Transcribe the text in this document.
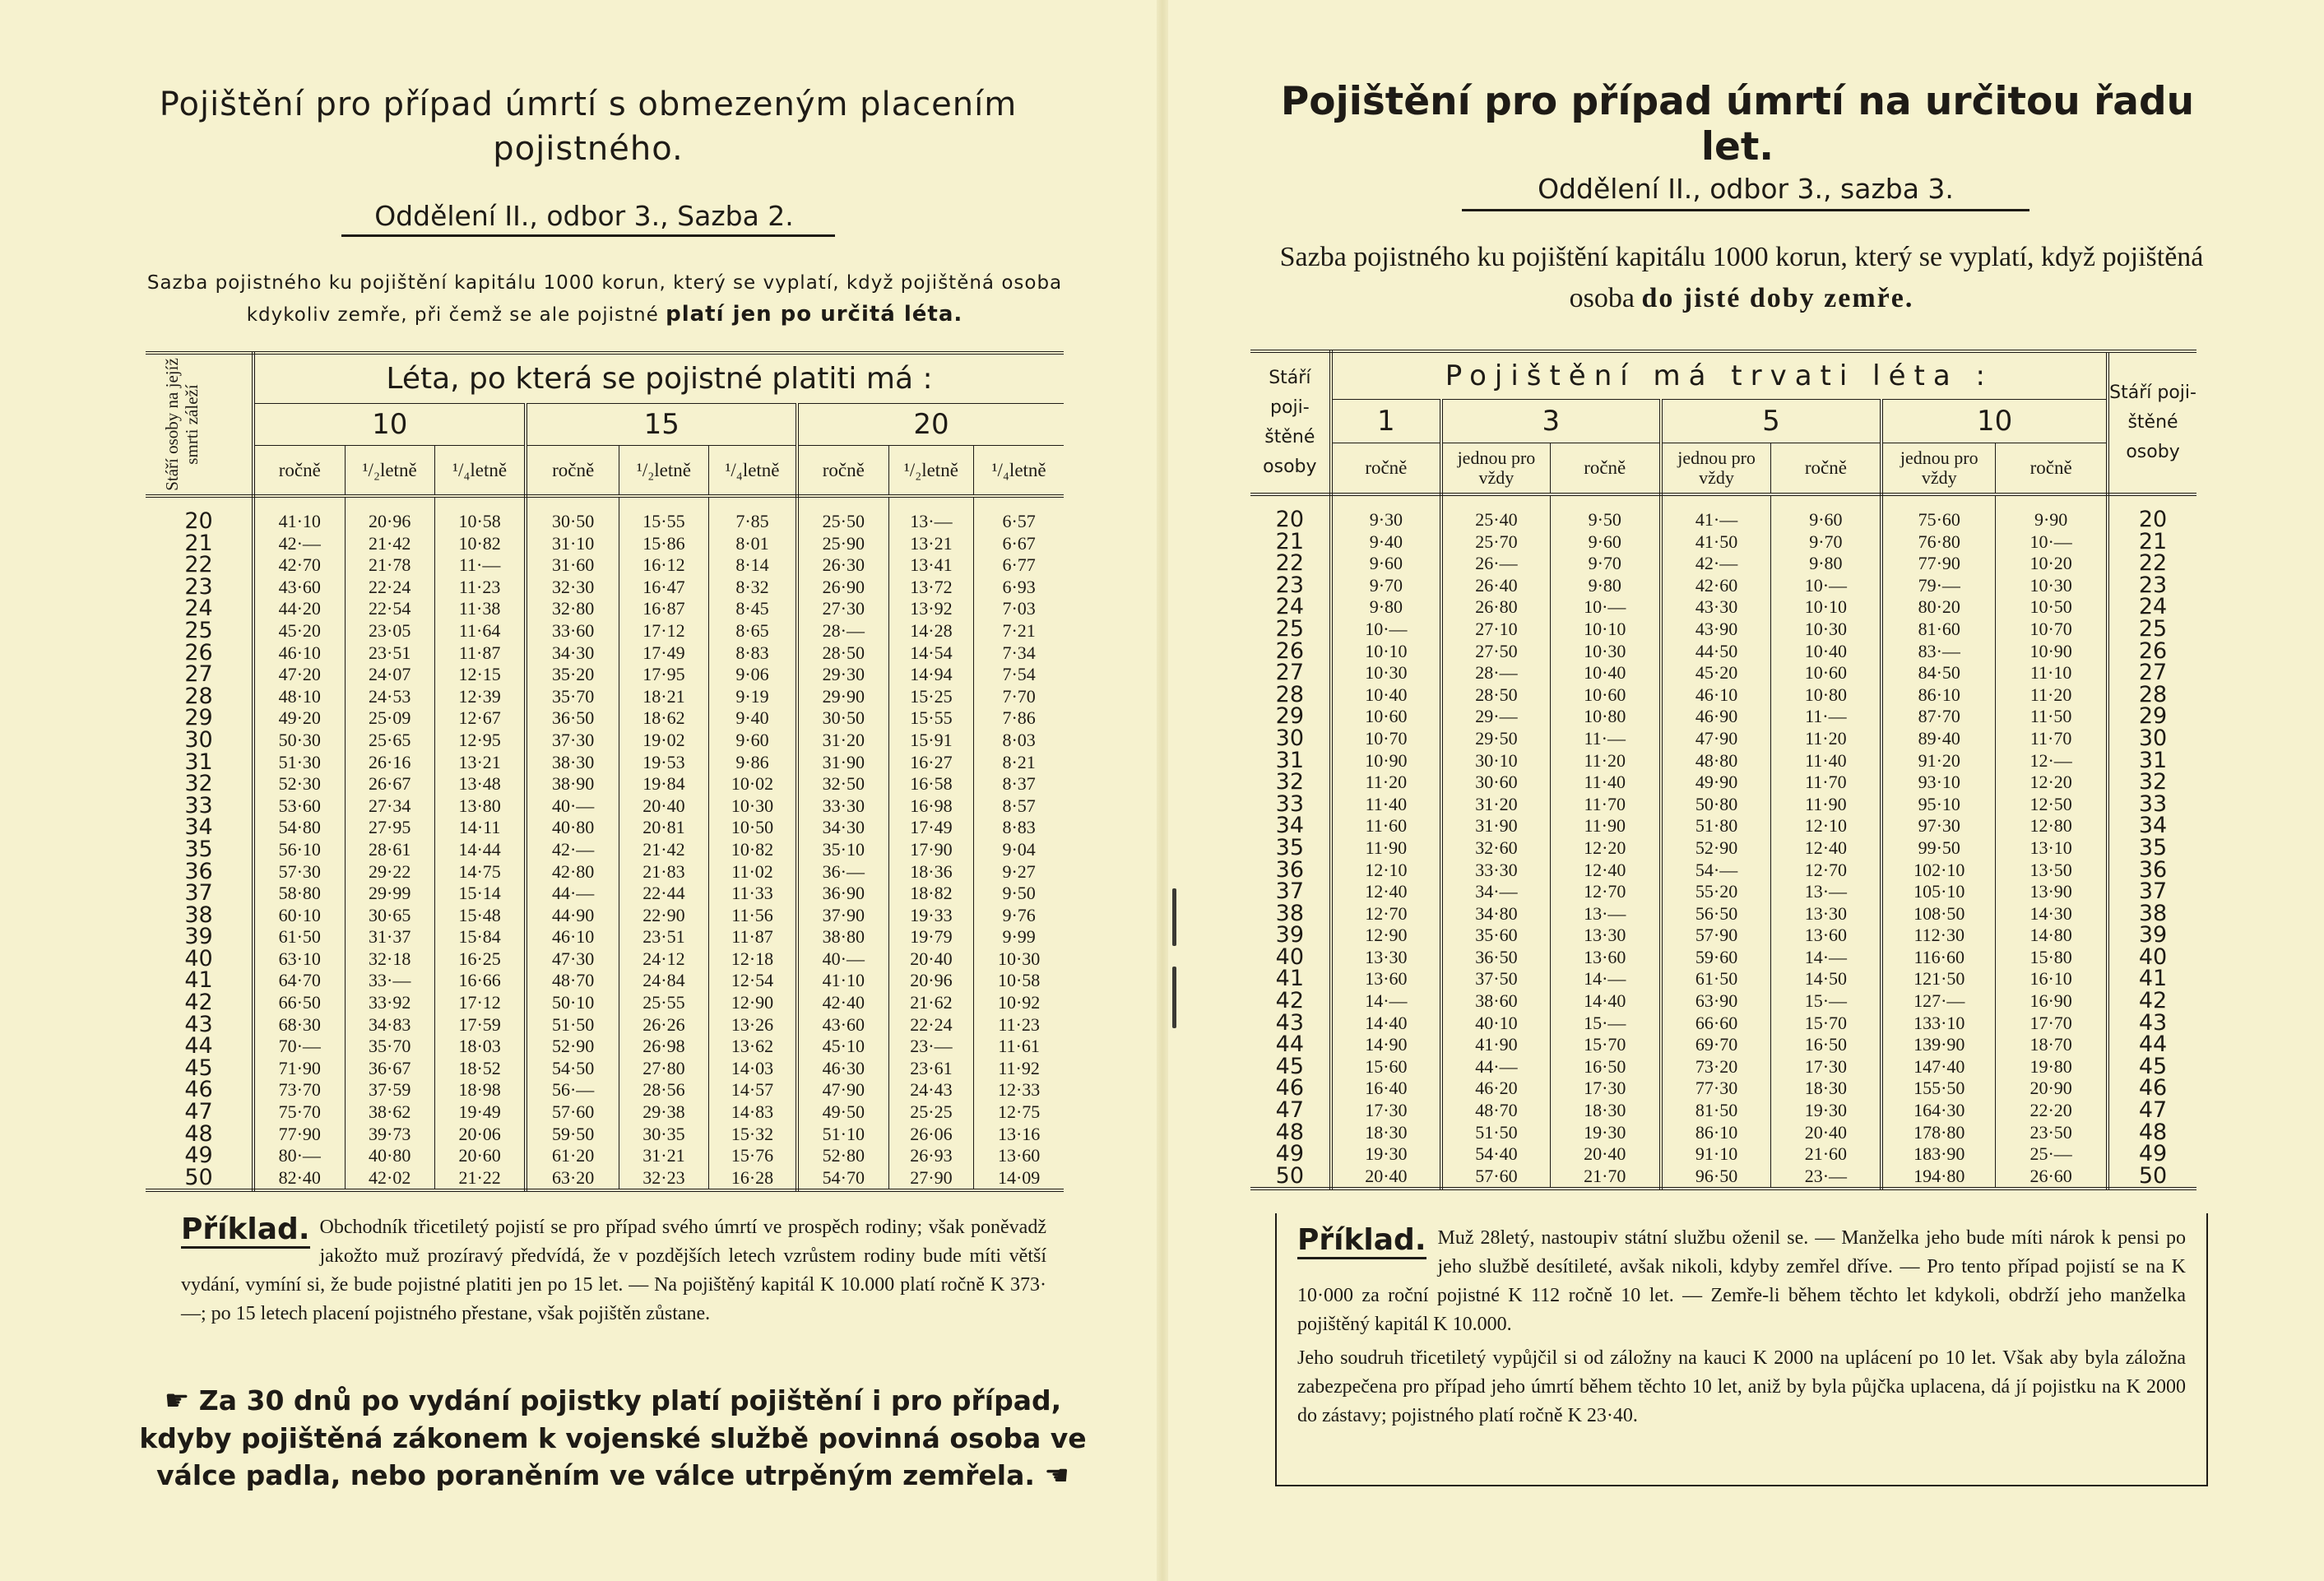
Pojištění pro případ úmrtí s obmezeným placením pojistného.
Oddělení II., odbor 3., Sazba 2.
Sazba pojistného ku pojištění kapitálu 1000 korun, který se vyplatí, když pojištěná osoba kdykoliv zemře, při čemž se ale pojistné platí jen po určitá léta.
Stáří osoby na jejíž smrti záleží	Léta, po která se pojistné platiti má :								
	10			15			20		
	ročně	¹/₂letně	¹/₄letně	ročně	¹/₂letně	¹/₄letně	ročně	¹/₂letně	¹/₄letně

20	41·10	20·96	10·58	30·50	15·55	7·85	25·50	13·—	6·57
21	42·—	21·42	10·82	31·10	15·86	8·01	25·90	13·21	6·67
22	42·70	21·78	11·—	31·60	16·12	8·14	26·30	13·41	6·77
23	43·60	22·24	11·23	32·30	16·47	8·32	26·90	13·72	6·93
24	44·20	22·54	11·38	32·80	16·87	8·45	27·30	13·92	7·03
25	45·20	23·05	11·64	33·60	17·12	8·65	28·—	14·28	7·21
26	46·10	23·51	11·87	34·30	17·49	8·83	28·50	14·54	7·34
27	47·20	24·07	12·15	35·20	17·95	9·06	29·30	14·94	7·54
28	48·10	24·53	12·39	35·70	18·21	9·19	29·90	15·25	7·70
29	49·20	25·09	12·67	36·50	18·62	9·40	30·50	15·55	7·86
30	50·30	25·65	12·95	37·30	19·02	9·60	31·20	15·91	8·03
31	51·30	26·16	13·21	38·30	19·53	9·86	31·90	16·27	8·21
32	52·30	26·67	13·48	38·90	19·84	10·02	32·50	16·58	8·37
33	53·60	27·34	13·80	40·—	20·40	10·30	33·30	16·98	8·57
34	54·80	27·95	14·11	40·80	20·81	10·50	34·30	17·49	8·83
35	56·10	28·61	14·44	42·—	21·42	10·82	35·10	17·90	9·04
36	57·30	29·22	14·75	42·80	21·83	11·02	36·—	18·36	9·27
37	58·80	29·99	15·14	44·—	22·44	11·33	36·90	18·82	9·50
38	60·10	30·65	15·48	44·90	22·90	11·56	37·90	19·33	9·76
39	61·50	31·37	15·84	46·10	23·51	11·87	38·80	19·79	9·99
40	63·10	32·18	16·25	47·30	24·12	12·18	40·—	20·40	10·30
41	64·70	33·—	16·66	48·70	24·84	12·54	41·10	20·96	10·58
42	66·50	33·92	17·12	50·10	25·55	12·90	42·40	21·62	10·92
43	68·30	34·83	17·59	51·50	26·26	13·26	43·60	22·24	11·23
44	70·—	35·70	18·03	52·90	26·98	13·62	45·10	23·—	11·61
45	71·90	36·67	18·52	54·50	27·80	14·03	46·30	23·61	11·92
46	73·70	37·59	18·98	56·—	28·56	14·57	47·90	24·43	12·33
47	75·70	38·62	19·49	57·60	29·38	14·83	49·50	25·25	12·75
48	77·90	39·73	20·06	59·50	30·35	15·32	51·10	26·06	13·16
49	80·—	40·80	20·60	61·20	31·21	15·76	52·80	26·93	13·60
50	82·40	42·02	21·22	63·20	32·23	16·28	54·70	27·90	14·09
Příklad. Obchodník třicetiletý pojistí se pro případ svého úmrtí ve prospěch rodiny; však poněvadž jakožto muž prozíravý předvídá, že v pozdějších letech vzrůstem rodiny bude míti větší vydání, vymíní si, že bude pojistné platiti jen po 15 let. — Na pojištěný kapitál K 10.000 platí ročně K 373·—; po 15 letech placení pojistného přestane, však pojištěn zůstane.
☛ Za 30 dnů po vydání pojistky platí pojištění i pro případ, kdyby pojištěná zákonem k vojenské službě povinná osoba ve válce padla, nebo poraněním ve válce utrpěným zemřela. ☚
Pojištění pro případ úmrtí na určitou řadu let.
Oddělení II., odbor 3., sazba 3.
Sazba pojistného ku pojištění kapitálu 1000 korun, který se vyplatí, když pojištěná osoba do jisté doby zemře.
Stáří poji- štěné osoby	Pojištění má trvati léta :							Stáří poji- štěné osoby
	1	3		5		10		
	ročně	jednou pro vždy	ročně	jednou pro vždy	ročně	jednou pro vždy	ročně	

20	9·30	25·40	9·50	41·—	9·60	75·60	9·90	20
21	9·40	25·70	9·60	41·50	9·70	76·80	10·—	21
22	9·60	26·—	9·70	42·—	9·80	77·90	10·20	22
23	9·70	26·40	9·80	42·60	10·—	79·—	10·30	23
24	9·80	26·80	10·—	43·30	10·10	80·20	10·50	24
25	10·—	27·10	10·10	43·90	10·30	81·60	10·70	25
26	10·10	27·50	10·30	44·50	10·40	83·—	10·90	26
27	10·30	28·—	10·40	45·20	10·60	84·50	11·10	27
28	10·40	28·50	10·60	46·10	10·80	86·10	11·20	28
29	10·60	29·—	10·80	46·90	11·—	87·70	11·50	29
30	10·70	29·50	11·—	47·90	11·20	89·40	11·70	30
31	10·90	30·10	11·20	48·80	11·40	91·20	12·—	31
32	11·20	30·60	11·40	49·90	11·70	93·10	12·20	32
33	11·40	31·20	11·70	50·80	11·90	95·10	12·50	33
34	11·60	31·90	11·90	51·80	12·10	97·30	12·80	34
35	11·90	32·60	12·20	52·90	12·40	99·50	13·10	35
36	12·10	33·30	12·40	54·—	12·70	102·10	13·50	36
37	12·40	34·—	12·70	55·20	13·—	105·10	13·90	37
38	12·70	34·80	13·—	56·50	13·30	108·50	14·30	38
39	12·90	35·60	13·30	57·90	13·60	112·30	14·80	39
40	13·30	36·50	13·60	59·60	14·—	116·60	15·80	40
41	13·60	37·50	14·—	61·50	14·50	121·50	16·10	41
42	14·—	38·60	14·40	63·90	15·—	127·—	16·90	42
43	14·40	40·10	15·—	66·60	15·70	133·10	17·70	43
44	14·90	41·90	15·70	69·70	16·50	139·90	18·70	44
45	15·60	44·—	16·50	73·20	17·30	147·40	19·80	45
46	16·40	46·20	17·30	77·30	18·30	155·50	20·90	46
47	17·30	48·70	18·30	81·50	19·30	164·30	22·20	47
48	18·30	51·50	19·30	86·10	20·40	178·80	23·50	48
49	19·30	54·40	20·40	91·10	21·60	183·90	25·—	49
50	20·40	57·60	21·70	96·50	23·—	194·80	26·60	50
Příklad. Muž 28letý, nastoupiv státní službu oženil se. — Manželka jeho bude míti nárok k pensi po jeho službě desítileté, avšak nikoli, kdyby zemřel dříve. — Pro tento případ pojistí se na K 10·000 za roční pojistné K 112 ročně 10 let. — Zemře-li během těchto let kdykoli, obdrží jeho manželka pojištěný kapitál K 10.000.
Jeho soudruh třicetiletý vypůjčil si od záložny na kauci K 2000 na uplácení po 10 let. Však aby byla záložna zabezpečena pro případ jeho úmrtí během těchto 10 let, aniž by byla půjčka uplacena, dá jí pojistku na K 2000 do zástavy; pojistného platí ročně K 23·40.
